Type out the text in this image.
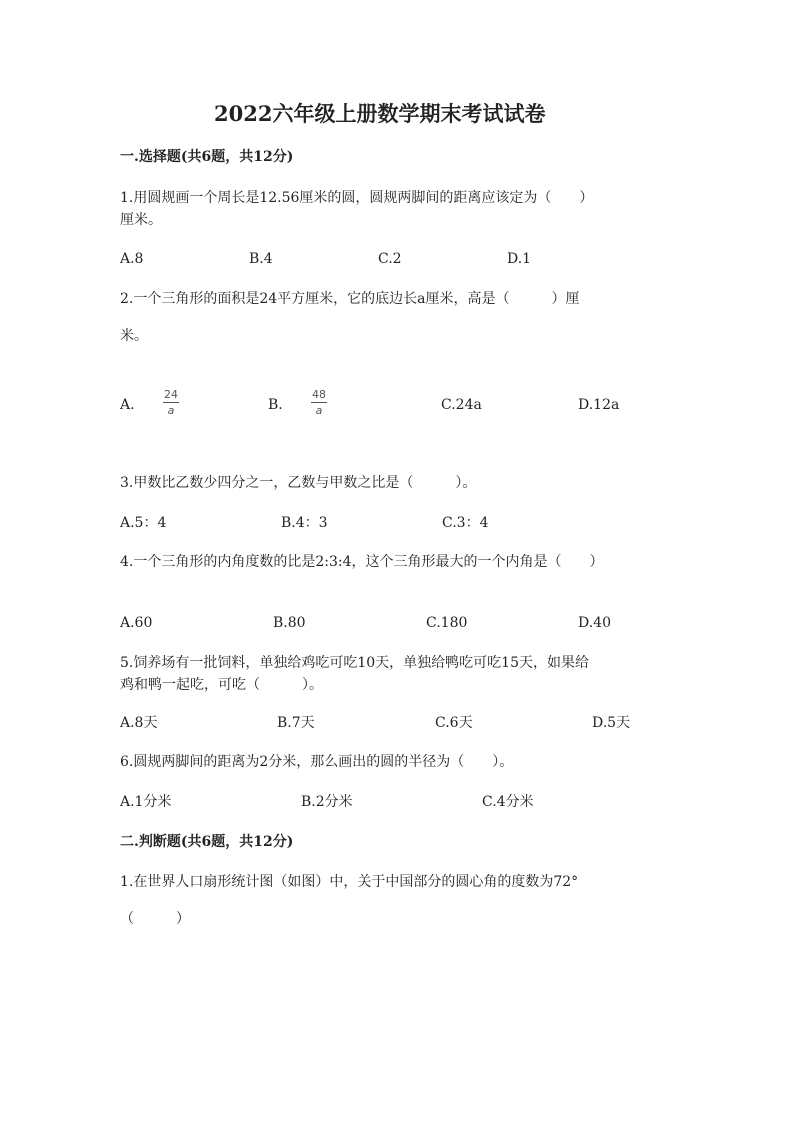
2022六年级上册数学期末考试试卷
一.选择题(共6题，共12分)
1.用圆规画一个周长是12.56厘米的圆，圆规两脚间的距离应该定为（　　）
厘米。
A.8	B.4	C.2	D.1
2.一个三角形的面积是24平方厘米，它的底边长a厘米，高是（　　　）厘
米。
A.	$\frac{24}{a}$	B.	$\frac{48}{a}$	C.24a	D.12a
3.甲数比乙数少四分之一，乙数与甲数之比是（　　　）。
A.5：4	B.4：3	C.3：4
4.一个三角形的内角度数的比是2:3:4，这个三角形最大的一个内角是（　　）
A.60	B.80	C.180	D.40
5.饲养场有一批饲料，单独给鸡吃可吃10天，单独给鸭吃可吃15天，如果给
鸡和鸭一起吃，可吃（　　　）。
A.8天	B.7天	C.6天	D.5天
6.圆规两脚间的距离为2分米，那么画出的圆的半径为（　　）。
A.1分米	B.2分米	C.4分米
二.判断题(共6题，共12分)
1.在世界人口扇形统计图（如图）中，关于中国部分的圆心角的度数为72°
（　　　）
